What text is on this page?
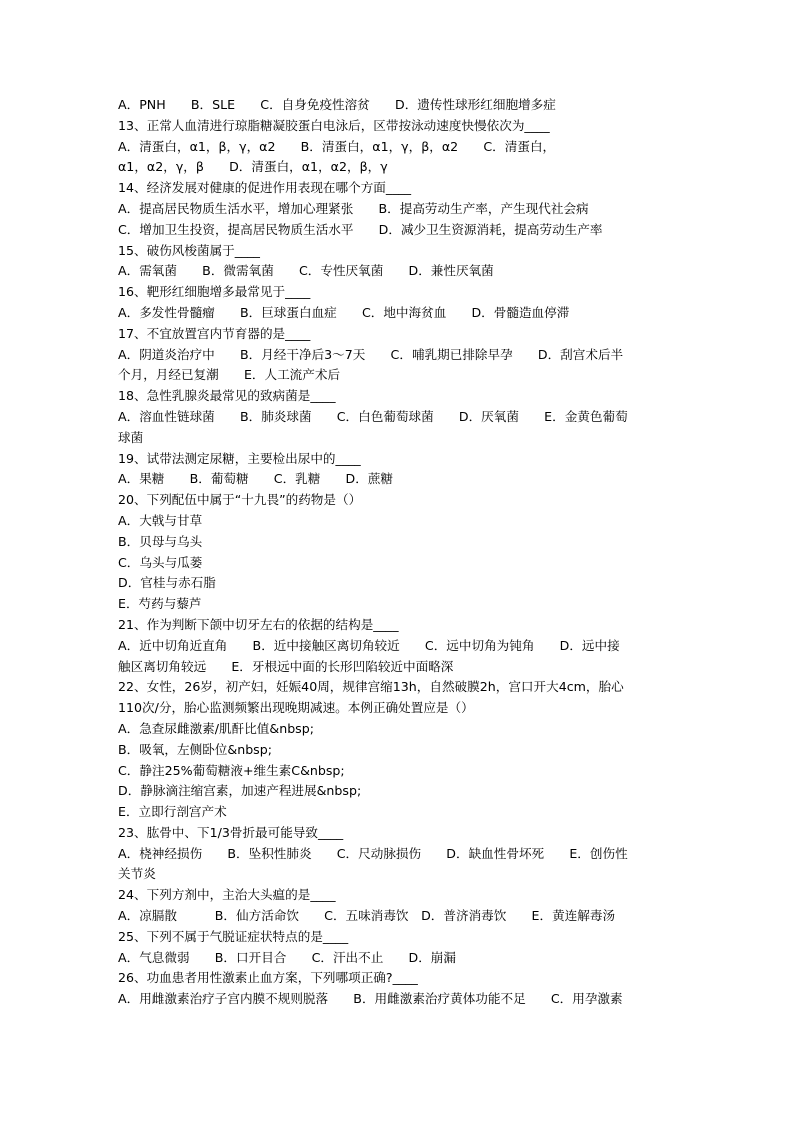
A．PNH　　B．SLE　　C．自身免疫性溶贫　　D．遗传性球形红细胞增多症
13、正常人血清进行琼脂糖凝胶蛋白电泳后，区带按泳动速度快慢依次为____
A．清蛋白，α1，β，γ，α2　　B．清蛋白，α1，γ，β，α2　　C．清蛋白，
α1，α2，γ，β　　D．清蛋白，α1，α2，β，γ
14、经济发展对健康的促进作用表现在哪个方面____
A．提高居民物质生活水平，增加心理紧张　　B．提高劳动生产率，产生现代社会病
C．增加卫生投资，提高居民物质生活水平　　D．减少卫生资源消耗，提高劳动生产率
15、破伤风梭菌属于____
A．需氧菌　　B．微需氧菌　　C．专性厌氧菌　　D．兼性厌氧菌
16、靶形红细胞增多最常见于____
A．多发性骨髓瘤　　B．巨球蛋白血症　　C．地中海贫血　　D．骨髓造血停滞
17、不宜放置宫内节育器的是____
A．阴道炎治疗中　　B．月经干净后3～7天　　C．哺乳期已排除早孕　　D．刮宫术后半
个月，月经已复潮　　E．人工流产术后
18、急性乳腺炎最常见的致病菌是____
A．溶血性链球菌　　B．肺炎球菌　　C．白色葡萄球菌　　D．厌氧菌　　E．金黄色葡萄
球菌
19、试带法测定尿糖，主要检出尿中的____
A．果糖　　B．葡萄糖　　C．乳糖　　D．蔗糖
20、下列配伍中属于“十九畏”的药物是（）
A．大戟与甘草
B．贝母与乌头
C．乌头与瓜蒌
D．官桂与赤石脂
E．芍药与藜芦
21、作为判断下颌中切牙左右的依据的结构是____
A．近中切角近直角　　B．近中接触区离切角较近　　C．远中切角为钝角　　D．远中接
触区离切角较远　　E．牙根远中面的长形凹陷较近中面略深
22、女性，26岁，初产妇，妊娠40周，规律宫缩13h，自然破膜2h，宫口开大4cm，胎心
110次/分，胎心监测频繁出现晚期减速。本例正确处置应是（）
A．急查尿雌激素/肌酐比值&nbsp;
B．吸氧，左侧卧位&nbsp;
C．静注25%葡萄糖液+维生素C&nbsp;
D．静脉滴注缩宫素，加速产程进展&nbsp;
E．立即行剖宫产术
23、肱骨中、下1/3骨折最可能导致____
A．桡神经损伤　　B．坠积性肺炎　　C．尺动脉损伤　　D．缺血性骨坏死　　E．创伤性
关节炎
24、下列方剂中，主治大头瘟的是____
A．凉膈散　　　B．仙方活命饮　　C．五味消毒饮　D．普济消毒饮　　E．黄连解毒汤
25、下列不属于气脱证症状特点的是____
A．气息微弱　　B．口开目合　　C．汗出不止　　D．崩漏
26、功血患者用性激素止血方案，下列哪项正确?____
A．用雌激素治疗子宫内膜不规则脱落　　B．用雌激素治疗黄体功能不足　　C．用孕激素
